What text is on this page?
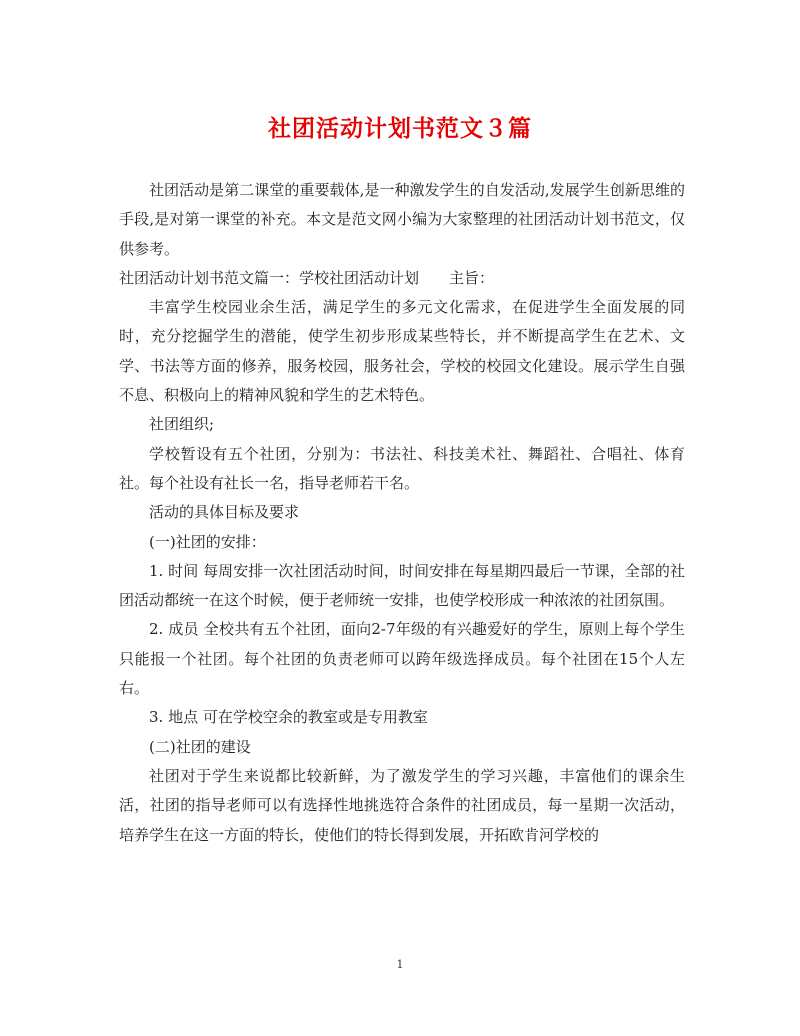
社团活动计划书范文３篇

社团活动是第二课堂的重要载体,是一种激发学生的自发活动,发展学生创新思维的手段,是对第一课堂的补充。本文是范文网小编为大家整理的社团活动计划书范文，仅供参考。

社团活动计划书范文篇一：学校社团活动计划　　主旨：

丰富学生校园业余生活，满足学生的多元文化需求，在促进学生全面发展的同时，充分挖掘学生的潜能，使学生初步形成某些特长，并不断提高学生在艺术、文学、书法等方面的修养，服务校园，服务社会，学校的校园文化建设。展示学生自强不息、积极向上的精神风貌和学生的艺术特色。

社团组织;

学校暂设有五个社团，分别为：书法社、科技美术社、舞蹈社、合唱社、体育社。每个社设有社长一名，指导老师若干名。

活动的具体目标及要求

(一)社团的安排：

1. 时间 每周安排一次社团活动时间，时间安排在每星期四最后一节课，全部的社团活动都统一在这个时候，便于老师统一安排，也使学校形成一种浓浓的社团氛围。

2. 成员 全校共有五个社团，面向2-7年级的有兴趣爱好的学生，原则上每个学生只能报一个社团。每个社团的负责老师可以跨年级选择成员。每个社团在15个人左右。

3. 地点 可在学校空余的教室或是专用教室

(二)社团的建设

社团对于学生来说都比较新鲜，为了激发学生的学习兴趣，丰富他们的课余生活，社团的指导老师可以有选择性地挑选符合条件的社团成员，每一星期一次活动，培养学生在这一方面的特长，使他们的特长得到发展，开拓欧肯河学校的

1
